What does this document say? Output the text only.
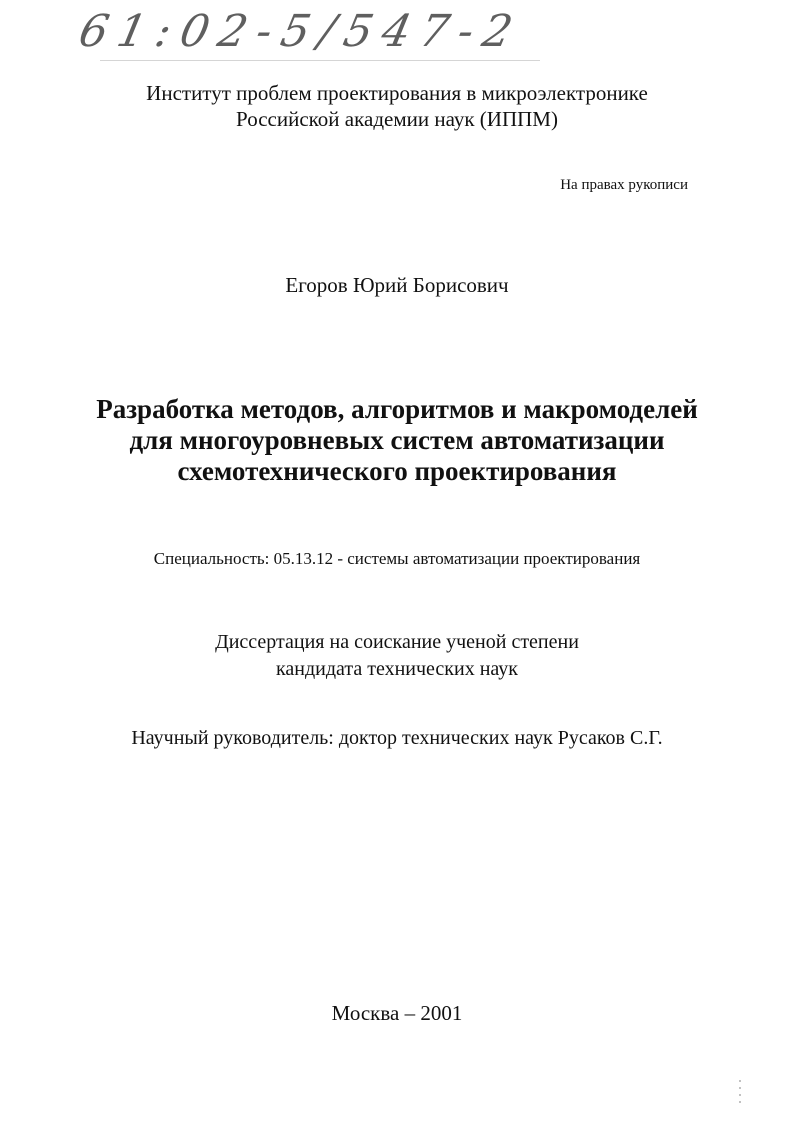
61:02-5/547-2
Институт проблем проектирования в микроэлектронике
Российской академии наук (ИППМ)
На правах рукописи
Егоров Юрий Борисович
Разработка методов, алгоритмов и макромоделей
для многоуровневых систем автоматизации
схемотехнического проектирования
Специальность: 05.13.12 - системы автоматизации проектирования
Диссертация на соискание ученой степени
кандидата технических наук
Научный руководитель: доктор технических наук Русаков С.Г.
Москва – 2001
